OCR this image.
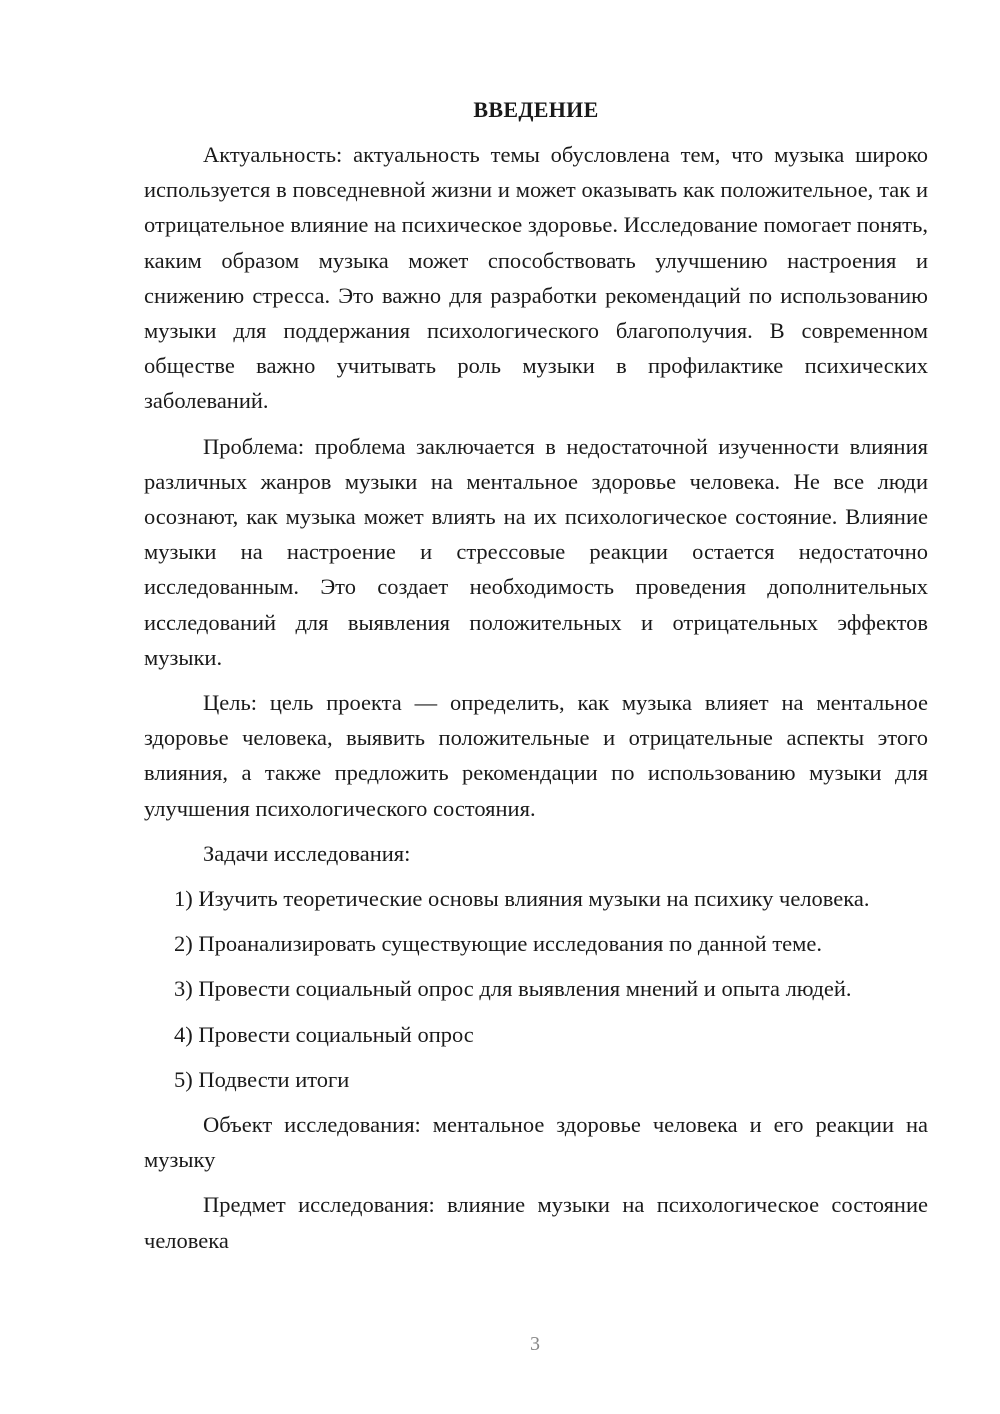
ВВЕДЕНИЕ

Актуальность: актуальность темы обусловлена тем, что музыка широко используется в повседневной жизни и может оказывать как положительное, так и отрицательное влияние на психическое здоровье. Исследование помогает понять, каким образом музыка может способствовать улучшению настроения и снижению стресса. Это важно для разработки рекомендаций по использованию музыки для поддержания психологического благополучия. В современном обществе важно учитывать роль музыки в профилактике психических заболеваний.

Проблема: проблема заключается в недостаточной изученности влияния различных жанров музыки на ментальное здоровье человека. Не все люди осознают, как музыка может влиять на их психологическое состояние. Влияние музыки на настроение и стрессовые реакции остается недостаточно исследованным. Это создает необходимость проведения дополнительных исследований для выявления положительных и отрицательных эффектов музыки.

Цель: цель проекта — определить, как музыка влияет на ментальное здоровье человека, выявить положительные и отрицательные аспекты этого влияния, а также предложить рекомендации по использованию музыки для улучшения психологического состояния.

Задачи исследования:

1) Изучить теоретические основы влияния музыки на психику человека.

2) Проанализировать существующие исследования по данной теме.

3) Провести социальный опрос для выявления мнений и опыта людей.

4) Провести социальный опрос

5) Подвести итоги

Объект исследования: ментальное здоровье человека и его реакции на музыку

Предмет исследования: влияние музыки на психологическое состояние человека

3
